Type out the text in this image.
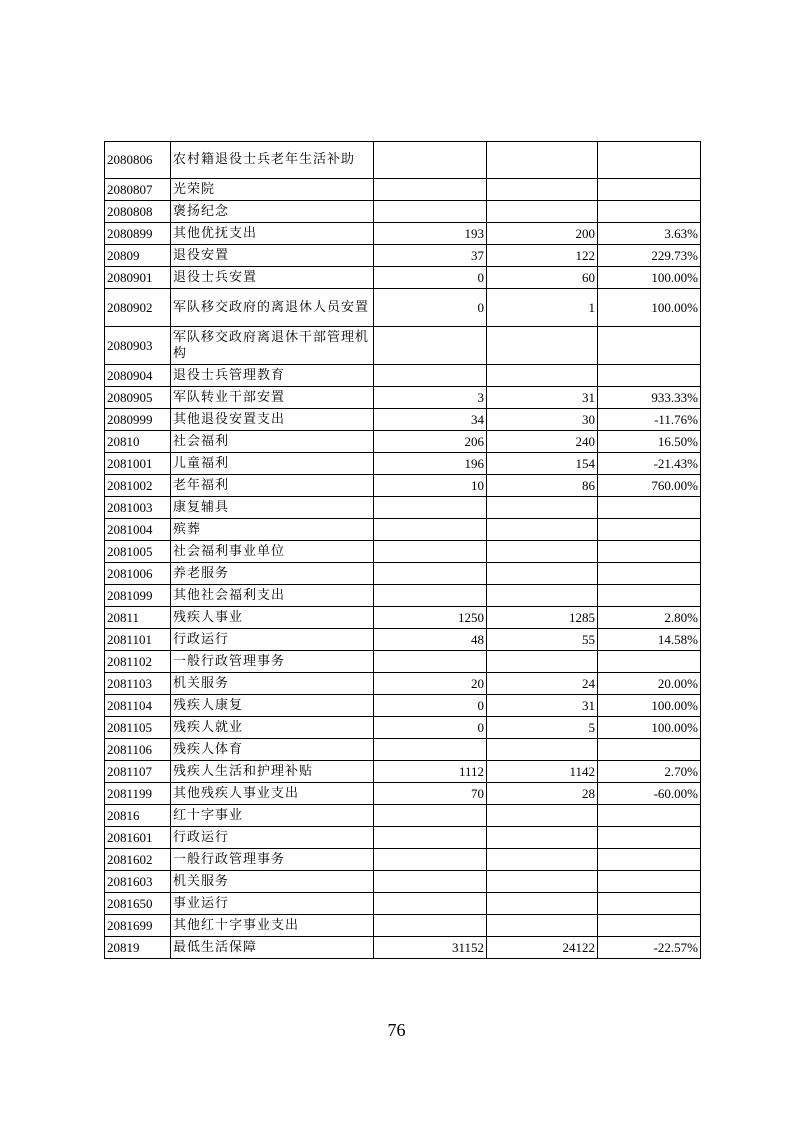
2080806	农村籍退役士兵老年生活补助			
2080807	光荣院			
2080808	褒扬纪念			
2080899	其他优抚支出	193	200	3.63%
20809	退役安置	37	122	229.73%
2080901	退役士兵安置	0	60	100.00%
2080902	军队移交政府的离退休人员安置	0	1	100.00%
2080903	军队移交政府离退休干部管理机构			
2080904	退役士兵管理教育			
2080905	军队转业干部安置	3	31	933.33%
2080999	其他退役安置支出	34	30	-11.76%
20810	社会福利	206	240	16.50%
2081001	儿童福利	196	154	-21.43%
2081002	老年福利	10	86	760.00%
2081003	康复辅具			
2081004	殡葬			
2081005	社会福利事业单位			
2081006	养老服务			
2081099	其他社会福利支出			
20811	残疾人事业	1250	1285	2.80%
2081101	行政运行	48	55	14.58%
2081102	一般行政管理事务			
2081103	机关服务	20	24	20.00%
2081104	残疾人康复	0	31	100.00%
2081105	残疾人就业	0	5	100.00%
2081106	残疾人体育			
2081107	残疾人生活和护理补贴	1112	1142	2.70%
2081199	其他残疾人事业支出	70	28	-60.00%
20816	红十字事业			
2081601	行政运行			
2081602	一般行政管理事务			
2081603	机关服务			
2081650	事业运行			
2081699	其他红十字事业支出			
20819	最低生活保障	31152	24122	-22.57%
76
